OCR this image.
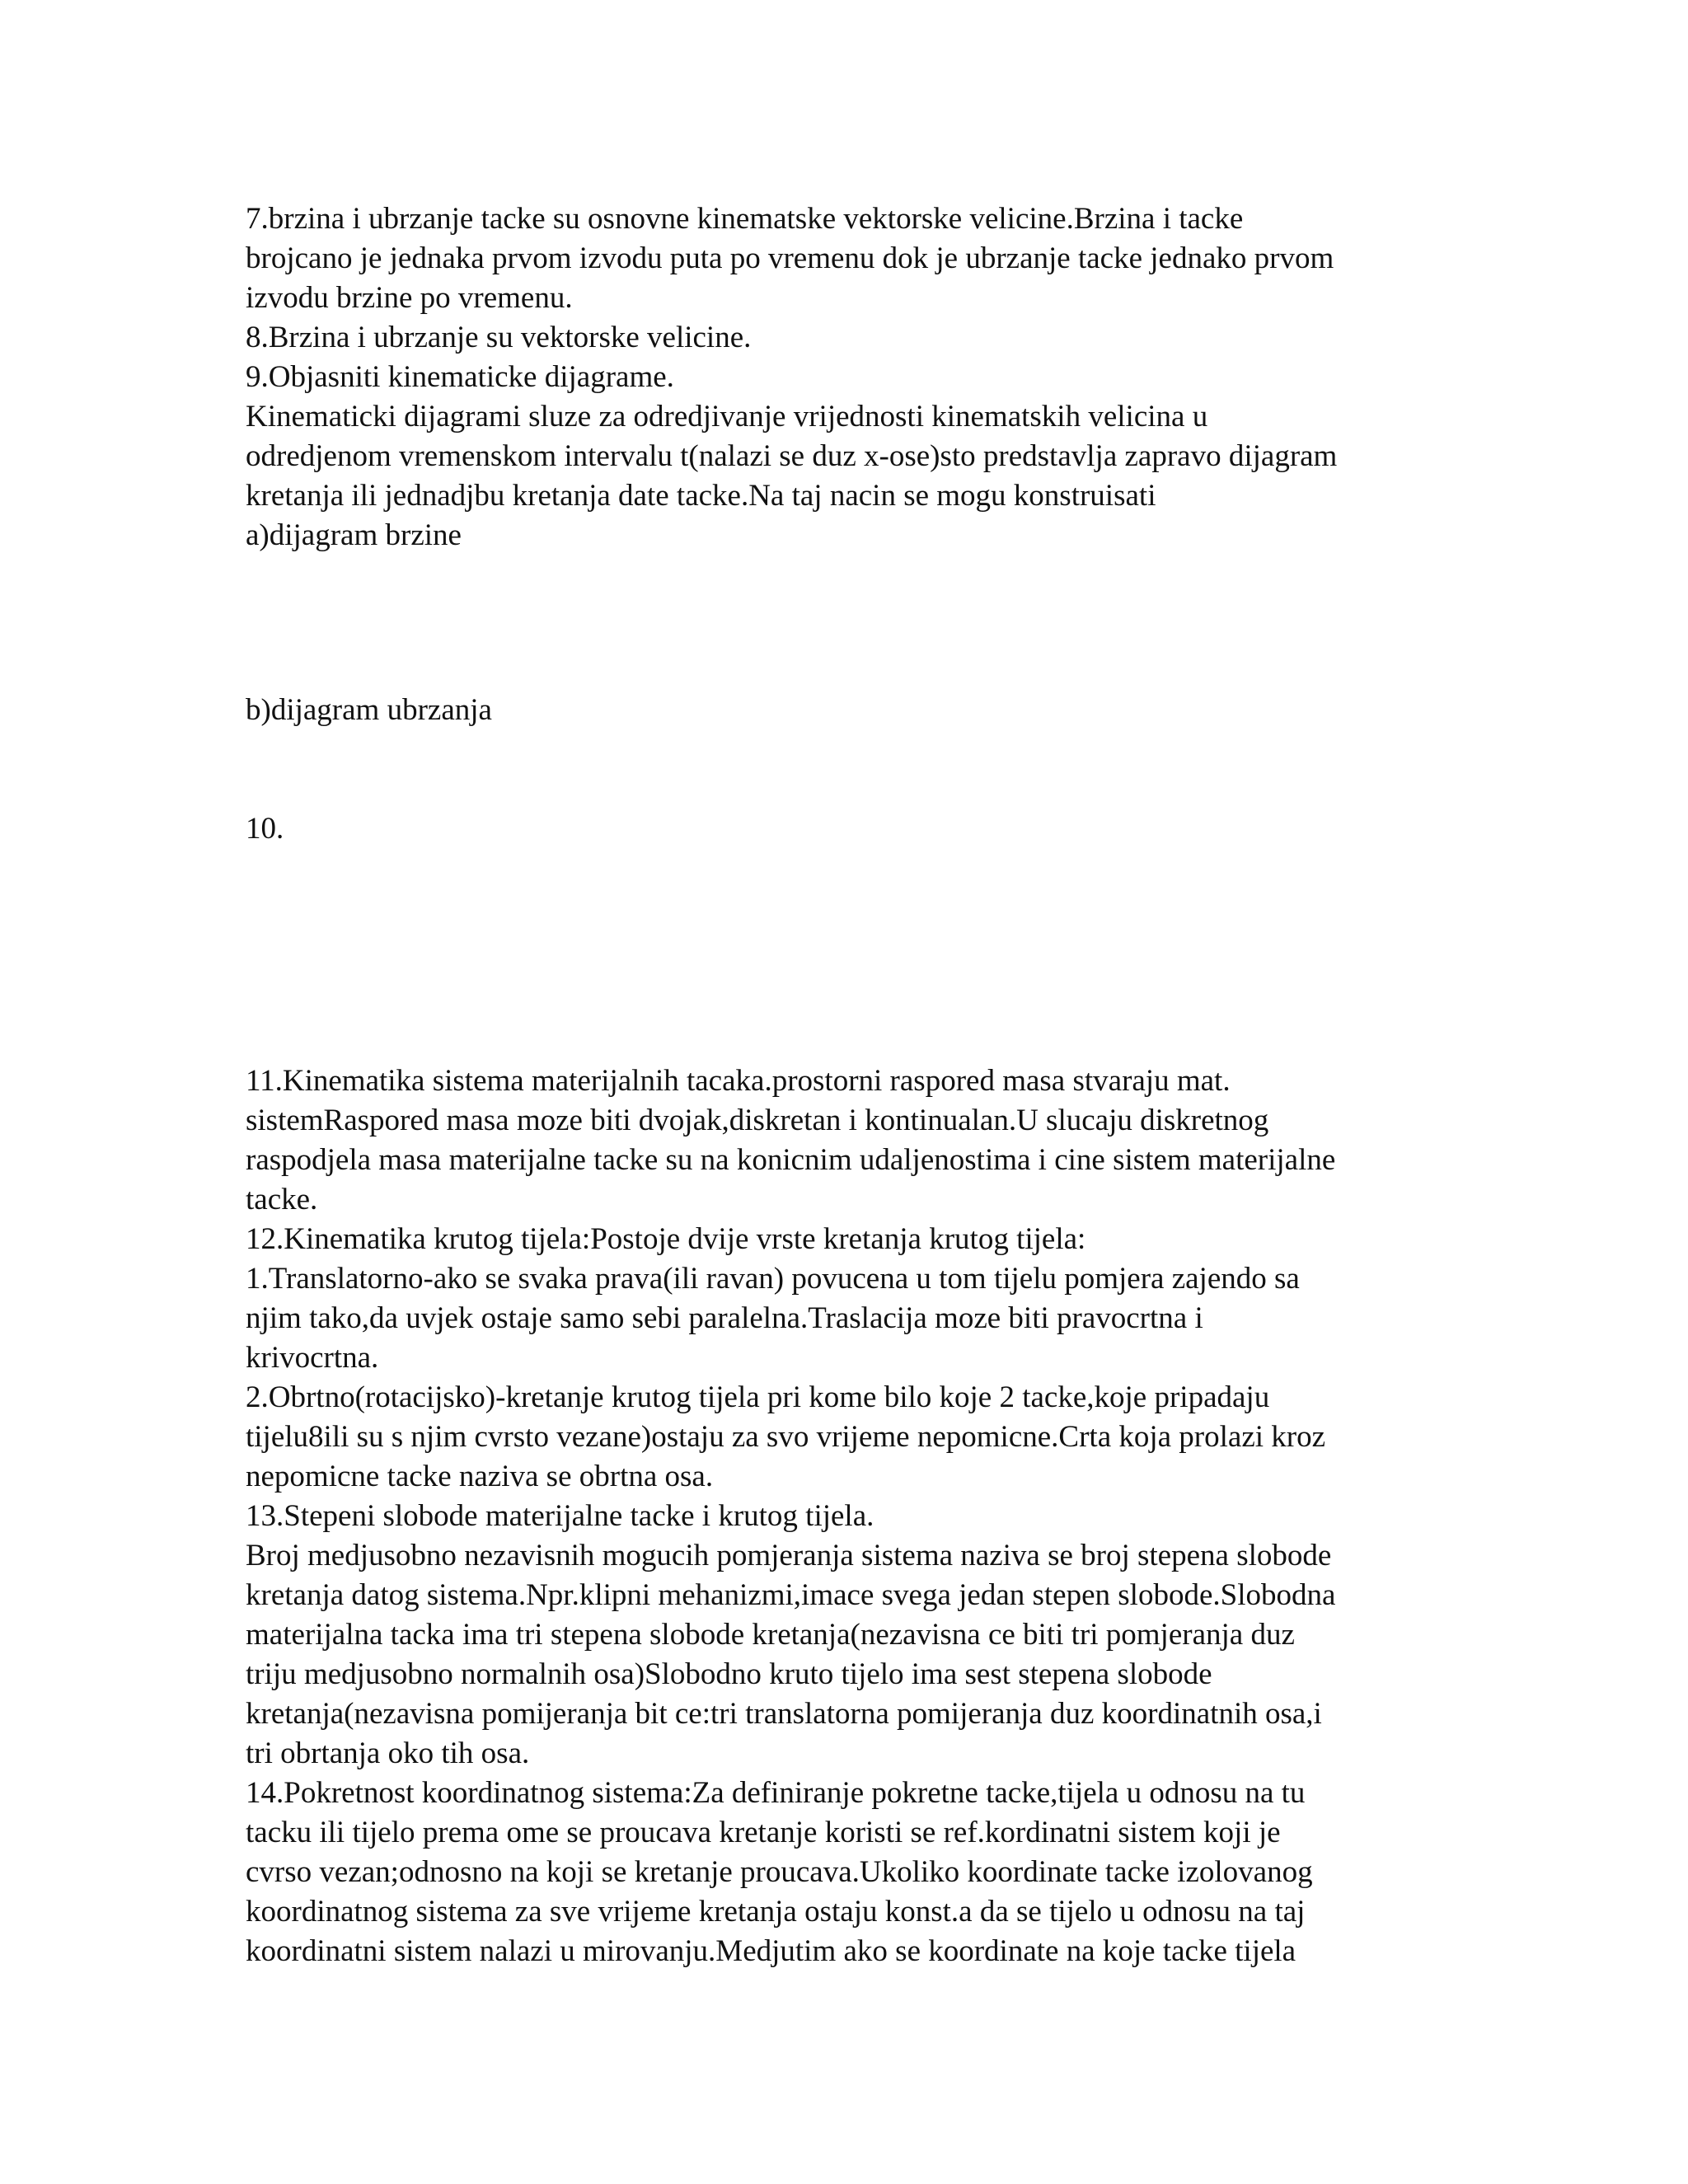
7.brzina i ubrzanje tacke su osnovne kinematske vektorske velicine.Brzina i tacke
brojcano je jednaka prvom izvodu puta po vremenu dok je ubrzanje tacke jednako prvom
izvodu brzine po vremenu.
8.Brzina i ubrzanje su vektorske velicine.
9.Objasniti kinematicke dijagrame.
Kinematicki dijagrami sluze za odredjivanje vrijednosti kinematskih velicina u
odredjenom vremenskom intervalu t(nalazi se duz x-ose)sto predstavlja zapravo dijagram
kretanja ili jednadjbu kretanja date tacke.Na taj nacin se mogu konstruisati
a)dijagram brzine
b)dijagram ubrzanja
10.
11.Kinematika sistema materijalnih tacaka.prostorni raspored masa stvaraju mat.
sistemRaspored masa moze biti dvojak,diskretan i kontinualan.U slucaju diskretnog
raspodjela masa materijalne tacke su na konicnim udaljenostima i cine sistem materijalne
tacke.
12.Kinematika krutog tijela:Postoje dvije vrste kretanja krutog tijela:
1.Translatorno-ako se svaka prava(ili ravan) povucena u tom tijelu pomjera zajendo sa
njim tako,da uvjek ostaje samo sebi paralelna.Traslacija moze biti pravocrtna i
krivocrtna.
2.Obrtno(rotacijsko)-kretanje krutog tijela pri kome bilo koje 2 tacke,koje pripadaju
tijelu8ili su s njim cvrsto vezane)ostaju za svo vrijeme nepomicne.Crta koja prolazi kroz
nepomicne tacke naziva se obrtna osa.
13.Stepeni slobode materijalne tacke i krutog tijela.
Broj medjusobno nezavisnih mogucih pomjeranja sistema naziva se broj stepena slobode
kretanja datog sistema.Npr.klipni mehanizmi,imace svega jedan stepen slobode.Slobodna
materijalna tacka ima tri stepena slobode kretanja(nezavisna ce biti tri pomjeranja duz
triju medjusobno normalnih osa)Slobodno kruto tijelo ima sest stepena slobode
kretanja(nezavisna pomijeranja bit ce:tri translatorna pomijeranja duz koordinatnih osa,i
tri obrtanja oko tih osa.
14.Pokretnost koordinatnog sistema:Za definiranje pokretne tacke,tijela u odnosu na tu
tacku ili tijelo prema ome se proucava kretanje koristi se ref.kordinatni sistem koji je
cvrso vezan;odnosno na koji se kretanje proucava.Ukoliko koordinate tacke izolovanog
koordinatnog sistema za sve vrijeme kretanja ostaju konst.a da se tijelo u odnosu na taj
koordinatni sistem nalazi u mirovanju.Medjutim ako se koordinate na koje tacke tijela
